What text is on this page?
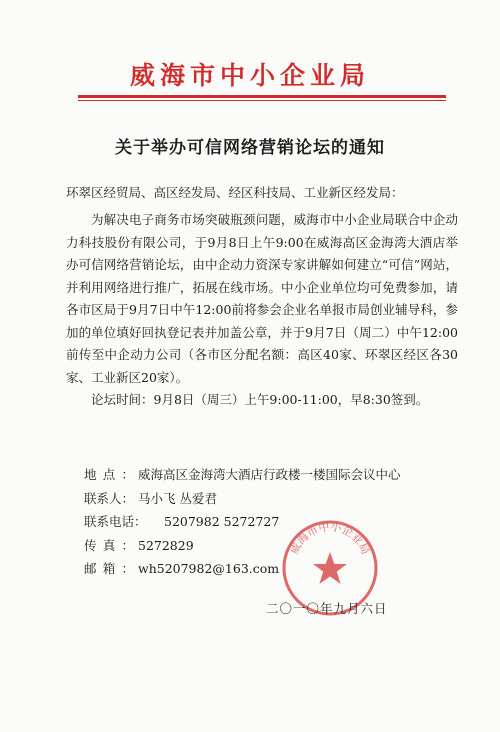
威海市中小企业局
关于举办可信网络营销论坛的通知
环翠区经贸局、高区经发局、经区科技局、工业新区经发局：

为解决电子商务市场突破瓶颈问题，威海市中小企业局联合中企动力科技股份有限公司，于9月8日上午9:00在威海高区金海湾大酒店举办可信网络营销论坛，由中企动力资深专家讲解如何建立“可信”网站，并利用网络进行推广，拓展在线市场。中小企业单位均可免费参加，请各市区局于9月7日中午12:00前将参会企业名单报市局创业辅导科，参加的单位填好回执登记表并加盖公章，并于9月7日（周二）中午12:00前传至中企动力公司（各市区分配名额：高区40家、环翠区经区各30家、工业新区20家）。

论坛时间：9月8日（周三）上午9:00-11:00，早8:30签到。

地点： 威海高区金海湾大酒店行政楼一楼国际会议中心
联系人： 马小飞 丛爱君
联系电话：	5207982 5272727
传真： 5272829
邮箱： wh5207982@163.com
威海市中小企业局
二〇一〇年九月六日
